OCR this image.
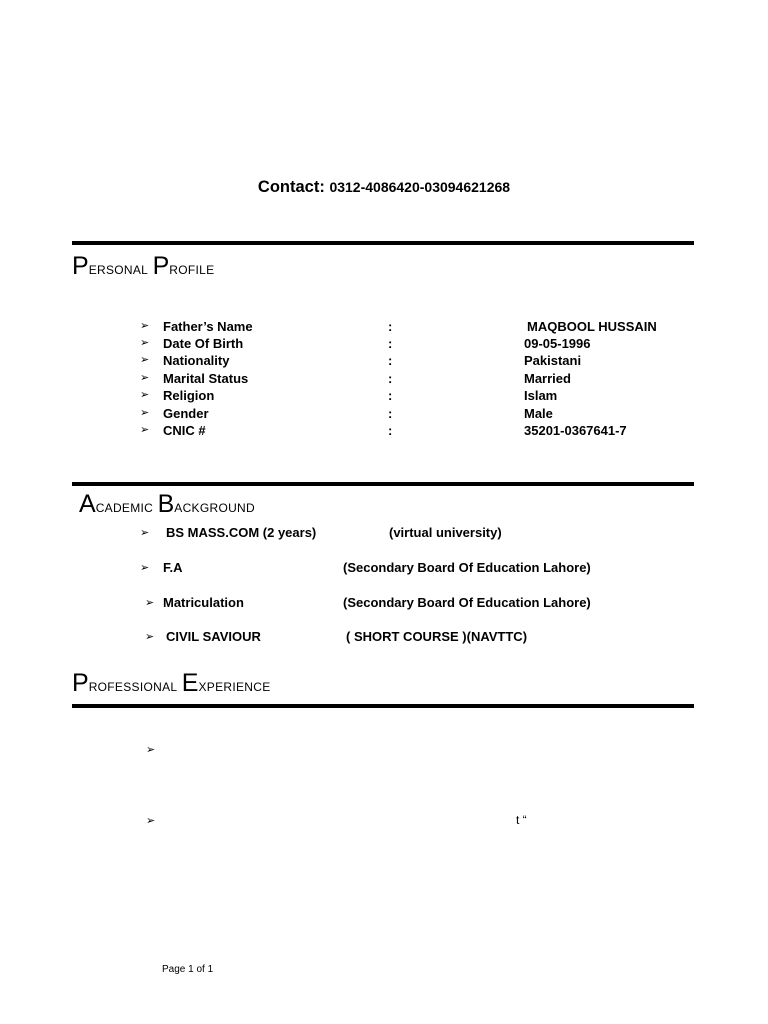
Contact: 0312-4086420-03094621268
PERSONAL PROFILE
➢ Father’s Name	:	MAQBOOL HUSSAIN
➢ Date Of Birth	:	09-05-1996
➢ Nationality	:	Pakistani
➢ Marital Status	:	Married
➢ Religion	:	Islam
➢ Gender	:	Male
➢ CNIC #	:	35201-0367641-7
ACADEMIC BACKGROUND
➢ BS MASS.COM (2 years)	(virtual university)
➢ F.A	(Secondary Board Of Education Lahore)
➢ Matriculation	(Secondary Board Of Education Lahore)
➢ CIVIL SAVIOUR	( SHORT COURSE )(NAVTTC)
PROFESSIONAL EXPERIENCE
➢
➢	t “
Page 1 of 1
